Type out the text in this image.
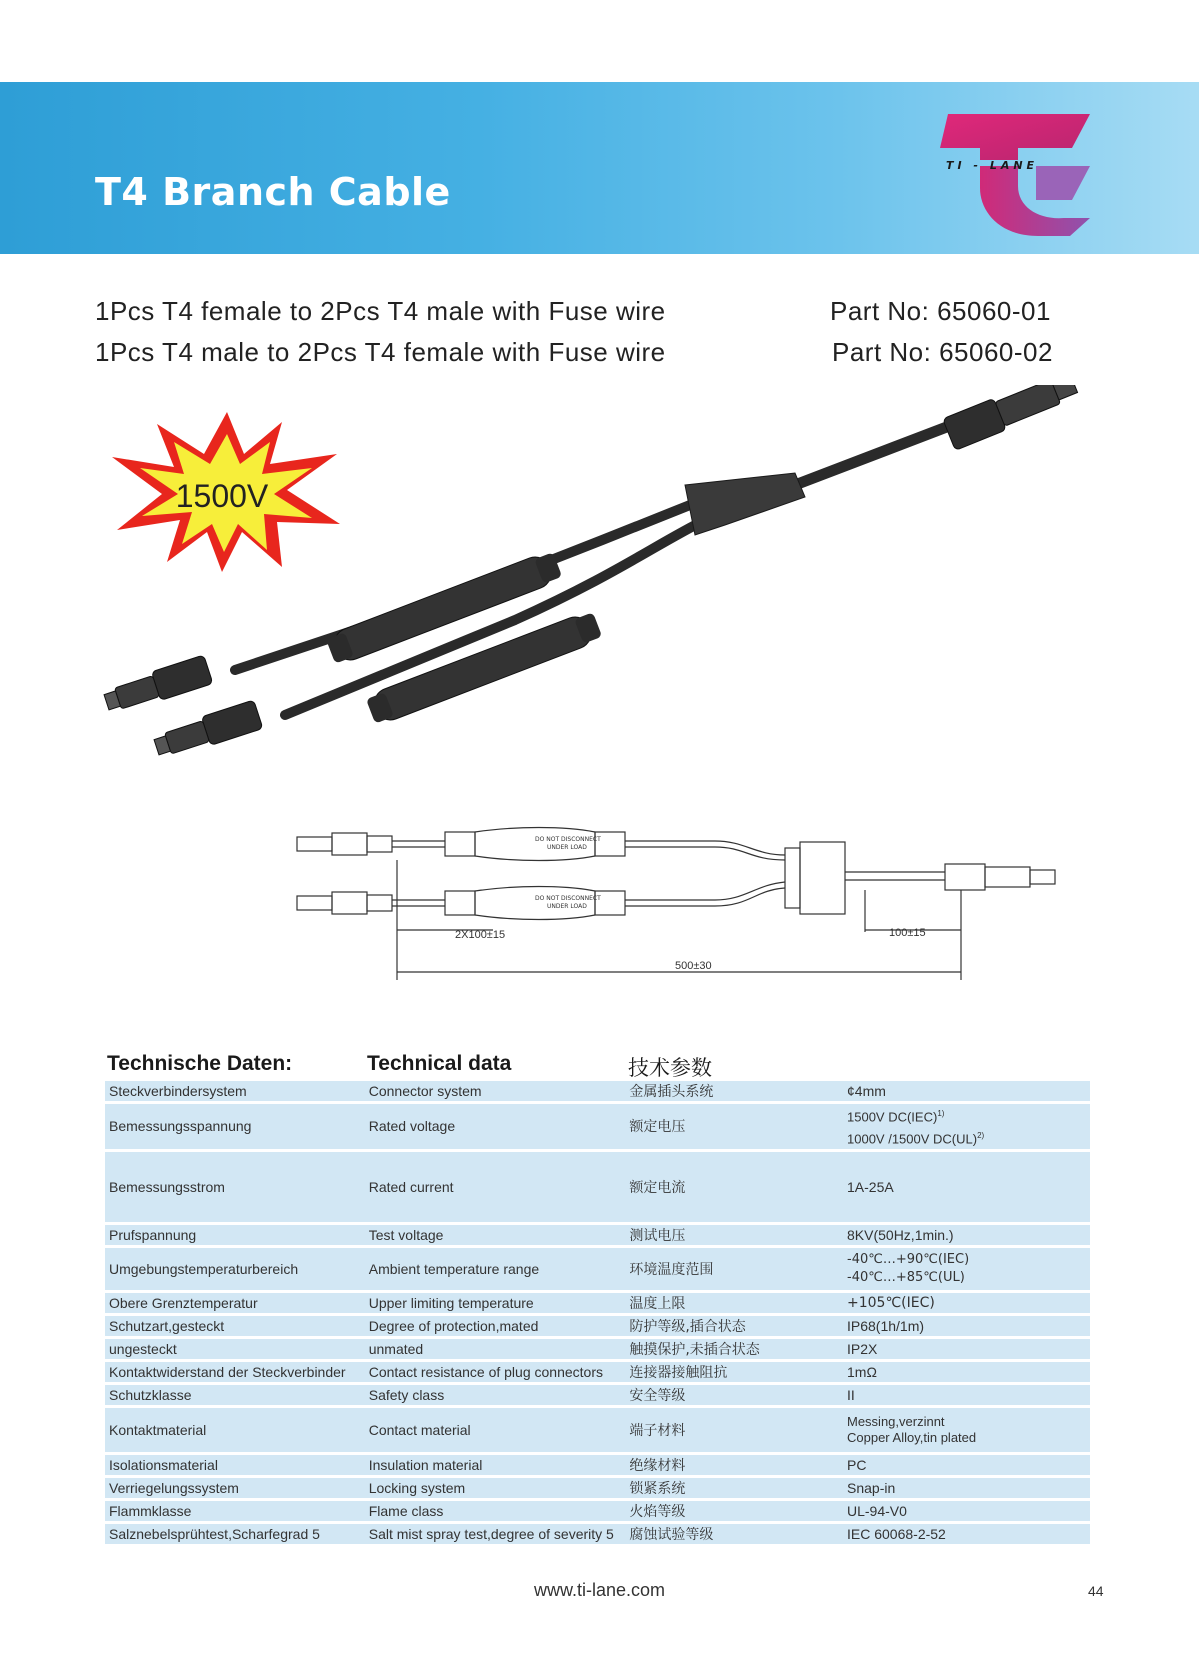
T4 Branch Cable
TI - LANE
1Pcs T4 female to 2Pcs T4 male with Fuse wire	Part No: 65060-01
1Pcs T4 male to 2Pcs T4 female with Fuse wire	Part No: 65060-02
1500V
DO NOT DISCONNECT
UNDER LOAD
DO NOT DISCONNECT
UNDER LOAD
2X100±15	100±15
500±30
Technische Daten:	Technical data	技术参数
Steckverbindersystem	Connector system	金属插头系统	¢4mm
Bemessungsspannung	Rated voltage	额定电压	1500V DC(IEC)$^{1)}$
1000V /1500V DC(UL)$^{2)}$
Bemessungsstrom	Rated current	额定电流	1A-25A
Prufspannung	Test voltage	测试电压	8KV(50Hz,1min.)
Umgebungstemperaturbereich	Ambient temperature range	环境温度范围	-40℃…+90℃(IEC)
-40℃…+85℃(UL)
Obere Grenztemperatur	Upper limiting temperature	温度上限	+105℃(IEC)
Schutzart,gesteckt	Degree of protection,mated	防护等级,插合状态	IP68(1h/1m)
ungesteckt	unmated	触摸保护,未插合状态	IP2X
Kontaktwiderstand der Steckverbinder	Contact resistance of plug connectors	连接器接触阻抗	1mΩ
Schutzklasse	Safety class	安全等级	II
Kontaktmaterial	Contact material	端子材料	Messing,verzinnt
Copper Alloy,tin plated
Isolationsmaterial	Insulation material	绝缘材料	PC
Verriegelungssystem	Locking system	锁紧系统	Snap-in
Flammklasse	Flame class	火焰等级	UL-94-V0
Salznebelsprühtest,Scharfegrad 5	Salt mist spray test,degree of severity 5	腐蚀试验等级	IEC 60068-2-52
www.ti-lane.com	44
